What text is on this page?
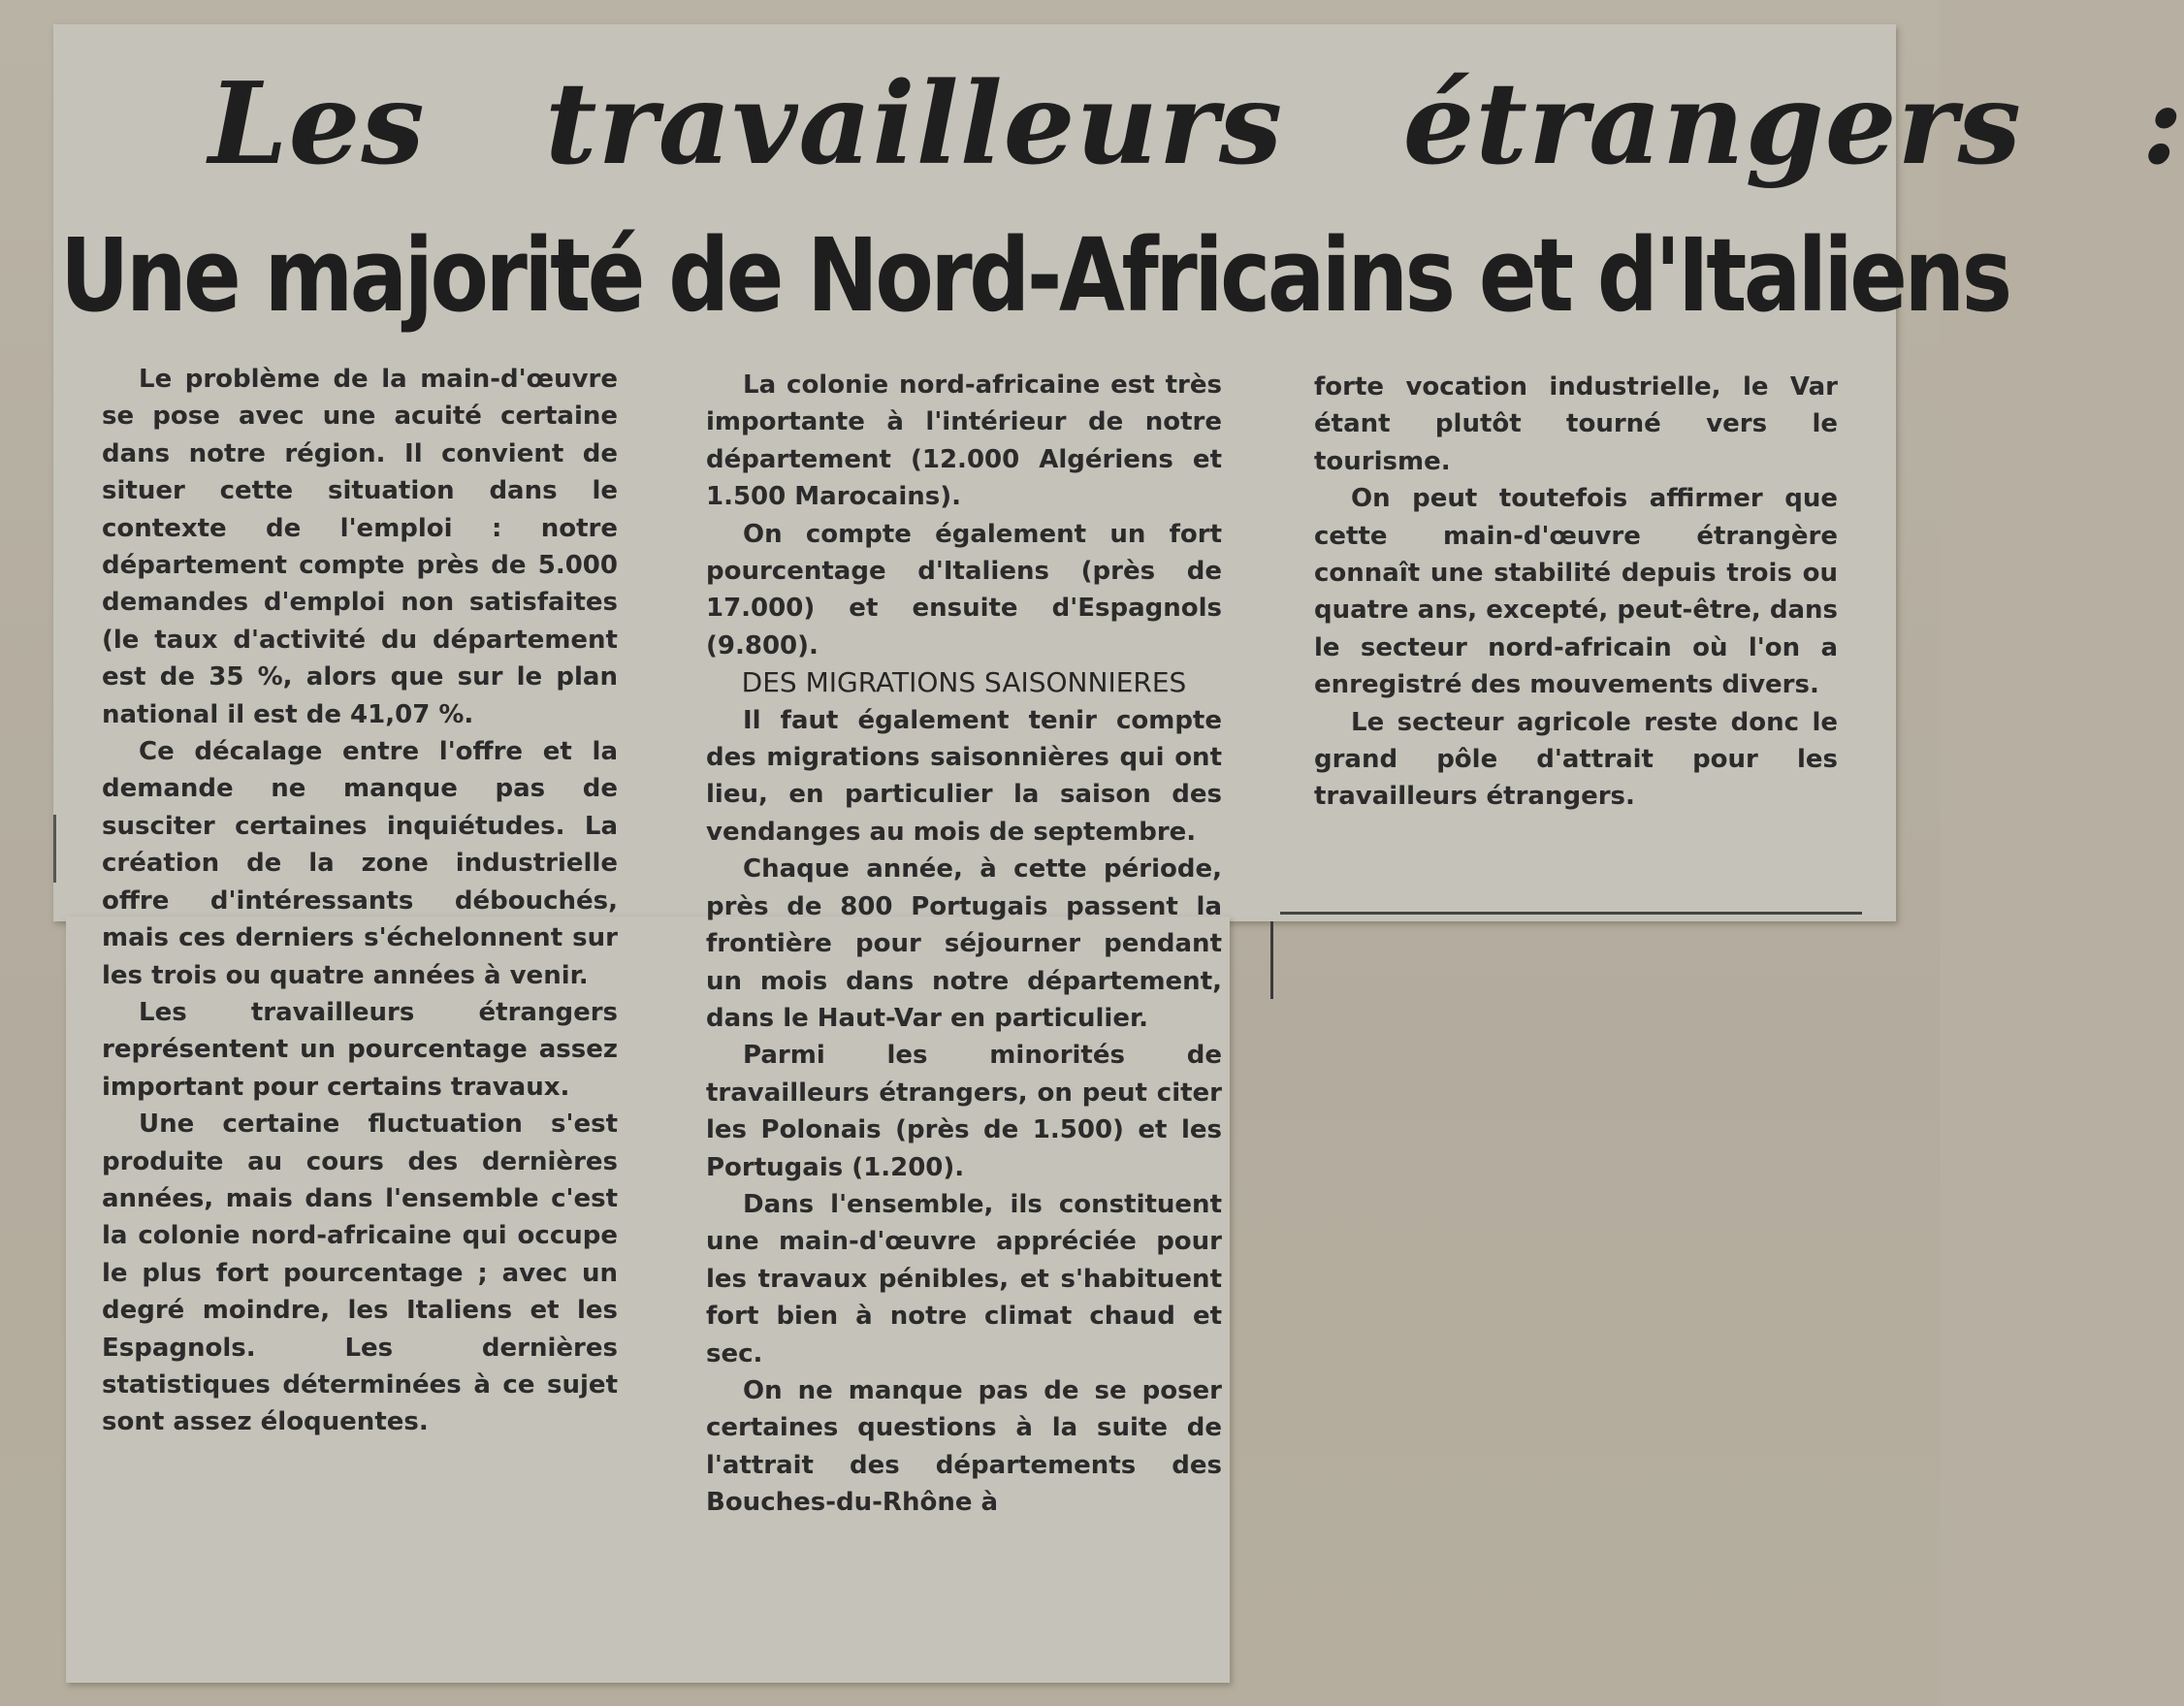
Les travailleurs étrangers :
Une majorité de Nord-Africains et d'Italiens

Le problème de la main-d'œuvre se pose avec une acuité certaine dans notre région. Il convient de situer cette situation dans le contexte de l'emploi : notre département compte près de 5.000 demandes d'emploi non satisfaites (le taux d'activité du département est de 35 %, alors que sur le plan national il est de 41,07 %.

Ce décalage entre l'offre et la demande ne manque pas de susciter certaines inquiétudes. La création de la zone industrielle offre d'intéressants débouchés, mais ces derniers s'échelonnent sur les trois ou quatre années à venir.

Les travailleurs étrangers représentent un pourcentage assez important pour certains travaux.

Une certaine fluctuation s'est produite au cours des dernières années, mais dans l'ensemble c'est la colonie nord-africaine qui occupe le plus fort pourcentage ; avec un degré moindre, les Italiens et les Espagnols. Les dernières statistiques déterminées à ce sujet sont assez éloquentes.

La colonie nord-africaine est très importante à l'intérieur de notre département (12.000 Algériens et 1.500 Marocains).

On compte également un fort pourcentage d'Italiens (près de 17.000) et ensuite d'Espagnols (9.800).

DES MIGRATIONS SAISONNIERES

Il faut également tenir compte des migrations saisonnières qui ont lieu, en particulier la saison des vendanges au mois de septembre.

Chaque année, à cette période, près de 800 Portugais passent la frontière pour séjourner pendant un mois dans notre département, dans le Haut-Var en particulier.

Parmi les minorités de travailleurs étrangers, on peut citer les Polonais (près de 1.500) et les Portugais (1.200).

Dans l'ensemble, ils constituent une main-d'œuvre appréciée pour les travaux pénibles, et s'habituent fort bien à notre climat chaud et sec.

On ne manque pas de se poser certaines questions à la suite de l'attrait des départements des Bouches-du-Rhône à

forte vocation industrielle, le Var étant plutôt tourné vers le tourisme.

On peut toutefois affirmer que cette main-d'œuvre étrangère connaît une stabilité depuis trois ou quatre ans, excepté, peut-être, dans le secteur nord-africain où l'on a enregistré des mouvements divers.

Le secteur agricole reste donc le grand pôle d'attrait pour les travailleurs étrangers.
